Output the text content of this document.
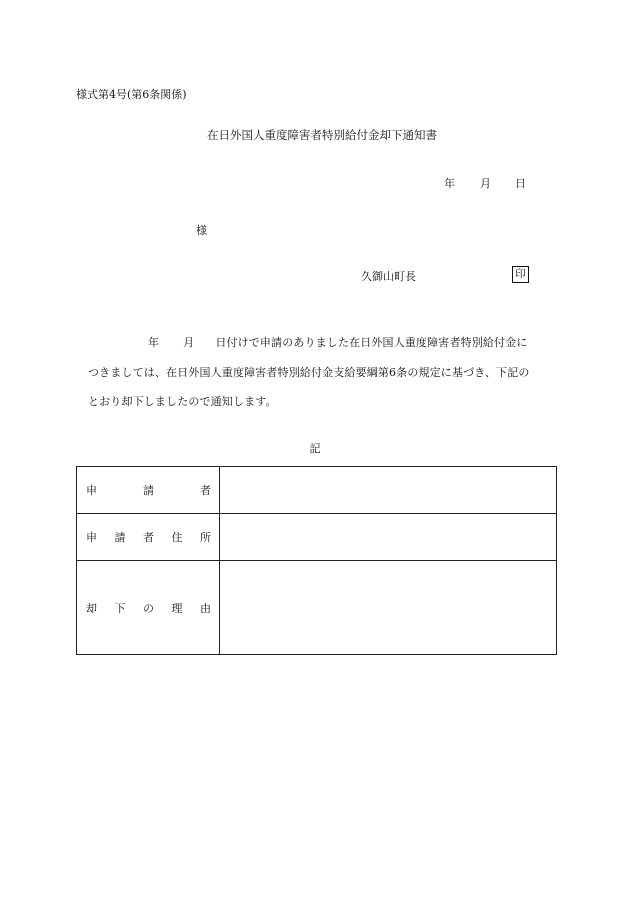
様式第4号(第6条関係)
在日外国人重度障害者特別給付金却下通知書
年 月 日
様
久御山町長	印
年 月 日付けで申請のありました在日外国人重度障害者特別給付金に
つきましては、在日外国人重度障害者特別給付金支給要綱第6条の規定に基づき、下記の
とおり却下しましたので通知します。
記
申 請 者	

申 請 者 住 所	

却 下 の 理 由	
